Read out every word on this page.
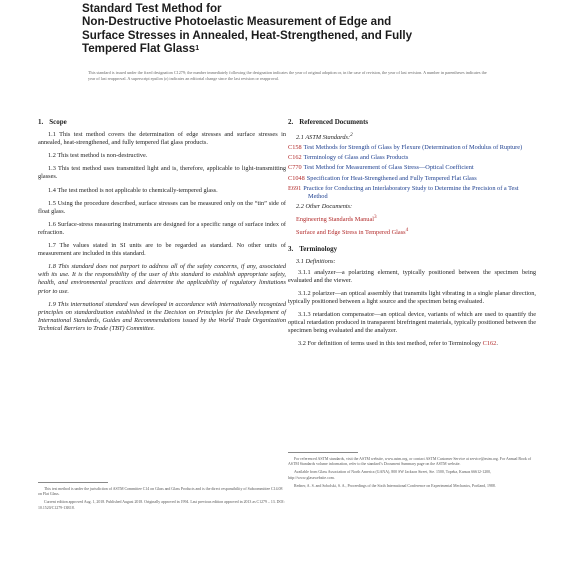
Standard Test Method for
Non-Destructive Photoelastic Measurement of Edge and
Surface Stresses in Annealed, Heat-Strengthened, and Fully
Tempered Flat Glass$^1$
This standard is issued under the fixed designation C1279; the number immediately following the designation indicates the year of original adoption or, in the case of revision, the year of last revision. A number in parentheses indicates the year of last reapproval. A superscript epsilon (ε) indicates an editorial change since the last revision or reapproval.
1. Scope

1.1 This test method covers the determination of edge stresses and surface stresses in annealed, heat-strengthened, and fully tempered flat glass products.

1.2 This test method is non-destructive.

1.3 This test method uses transmitted light and is, therefore, applicable to light-transmitting glasses.

1.4 The test method is not applicable to chemically-tempered glass.

1.5 Using the procedure described, surface stresses can be measured only on the “tin” side of float glass.

1.6 Surface-stress measuring instruments are designed for a specific range of surface index of refraction.

1.7 The values stated in SI units are to be regarded as standard. No other units of measurement are included in this standard.

1.8 This standard does not purport to address all of the safety concerns, if any, associated with its use. It is the responsibility of the user of this standard to establish appropriate safety, health, and environmental practices and determine the applicability of regulatory limitations prior to use.

1.9 This international standard was developed in accordance with internationally recognized principles on standardization established in the Decision on Principles for the Development of International Standards, Guides and Recommendations issued by the World Trade Organization Technical Barriers to Trade (TBT) Committee.

This test method is under the jurisdiction of ASTM Committee C14 on Glass and Glass Products and is the direct responsibility of Subcommittee C14.08 on Flat Glass.

Current edition approved Aug. 1, 2018. Published August 2018. Originally approved in 1994. Last previous edition approved in 2013 as C1279 – 13. DOI: 10.1520/C1279-13R18.

2. Referenced Documents
2.1 ASTM Standards:$^2$
C158 Test Methods for Strength of Glass by Flexure (Determination of Modulus of Rupture)
C162 Terminology of Glass and Glass Products
C770 Test Method for Measurement of Glass Stress—Optical Coefficient
C1048 Specification for Heat-Strengthened and Fully Tempered Flat Glass
E691 Practice for Conducting an Interlaboratory Study to Determine the Precision of a Test Method
2.2 Other Documents:
Engineering Standards Manual$^3$
Surface and Edge Stress in Tempered Glass$^4$
3. Terminology
3.1 Definitions:

3.1.1 analyzer—a polarizing element, typically positioned between the specimen being evaluated and the viewer.

3.1.2 polarizer—an optical assembly that transmits light vibrating in a single planar direction, typically positioned between a light source and the specimen being evaluated.

3.1.3 retardation compensator—an optical device, variants of which are used to quantify the optical retardation produced in transparent birefringent materials, typically positioned between the specimen being evaluated and the analyzer.

3.2 For definition of terms used in this test method, refer to Terminology C162.

For referenced ASTM standards, visit the ASTM website, www.astm.org, or contact ASTM Customer Service at service@astm.org. For Annual Book of ASTM Standards volume information, refer to the standard’s Document Summary page on the ASTM website.

Available from Glass Association of North America (GANA), 800 SW Jackson Street, Ste. 1500, Topeka, Kansas 66612-1200, http://www.glasswebsite.com.

Redner, A. S. and Sobolski, S. A., Proceedings of the Sixth International Conference on Experimental Mechanics, Portland, 1988.
